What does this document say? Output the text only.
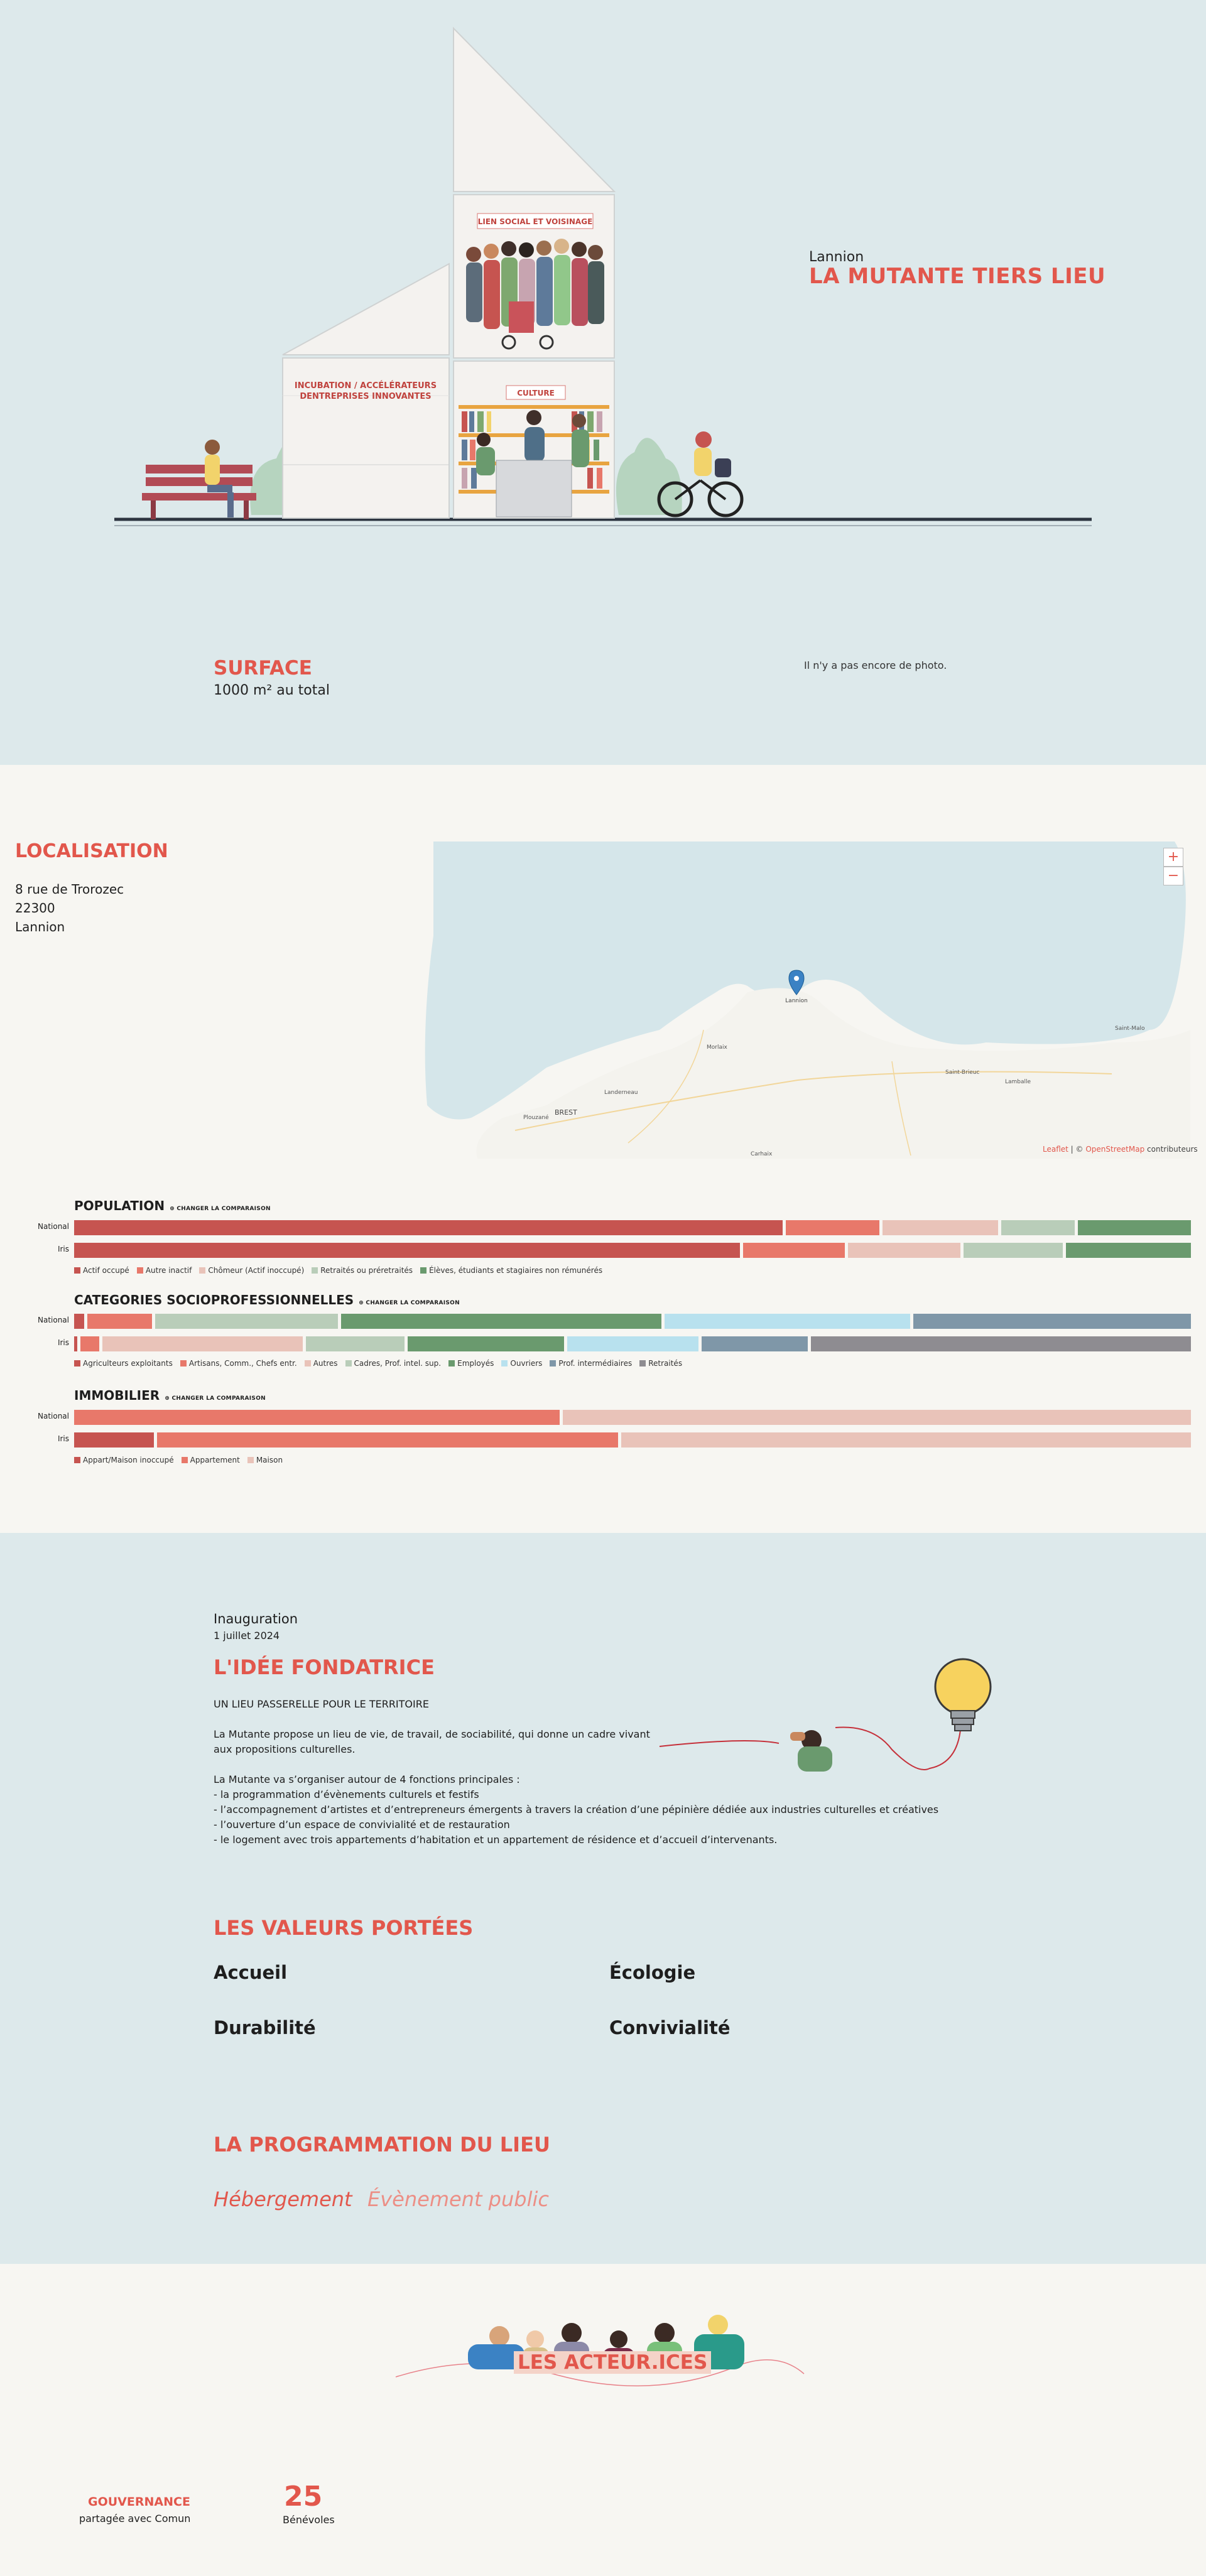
INCUBATION / ACCÉLÉRATEURS
DENTREPRISES INNOVANTES
LIEN SOCIAL ET VOISINAGE
CULTURE
Lannion
LA MUTANTE TIERS LIEU
SURFACE
1000 m² au total
Il n'y a pas encore de photo.
LOCALISATION
8 rue de Trorozec
22300
Lannion
Lannion
Morlaix
Landerneau
BREST
Plouzané
Saint-Brieuc
Lamballe
Saint-Malo
Carhaix
+
−
Leaflet | © OpenStreetMap contributeurs
POPULATION ⊕ CHANGER LA COMPARAISON
National
Iris
Actif occupé	Autre inactif	Chômeur (Actif inoccupé)	Retraités ou préretraités	Élèves, étudiants et stagiaires non rémunérés
CATEGORIES SOCIOPROFESSIONNELLES ⊕ CHANGER LA COMPARAISON
National
Iris
Agriculteurs exploitants	Artisans, Comm., Chefs entr.	Autres	Cadres, Prof. intel. sup.	Employés	Ouvriers	Prof. intermédiaires	Retraités
IMMOBILIER ⊕ CHANGER LA COMPARAISON
National
Iris
Appart/Maison inoccupé	Appartement	Maison
Inauguration
1 juillet 2024
L'IDÉE FONDATRICE
UN LIEU PASSERELLE POUR LE TERRITOIRE
La Mutante propose un lieu de vie, de travail, de sociabilité, qui donne un cadre vivant
aux propositions culturelles.
La Mutante va s’organiser autour de 4 fonctions principales :
- la programmation d’évènements culturels et festifs
- l’accompagnement d’artistes et d’entrepreneurs émergents à travers la création d’une pépinière dédiée aux industries culturelles et créatives
- l’ouverture d’un espace de convivialité et de restauration
- le logement avec trois appartements d’habitation et un appartement de résidence et d’accueil d’intervenants.
LES VALEURS PORTÉES
Accueil	Écologie
Durabilité	Convivialité
LA PROGRAMMATION DU LIEU
Hébergement Évènement public
LES ACTEUR.ICES
GOUVERNANCE
partagée avec Comun
25
Bénévoles
